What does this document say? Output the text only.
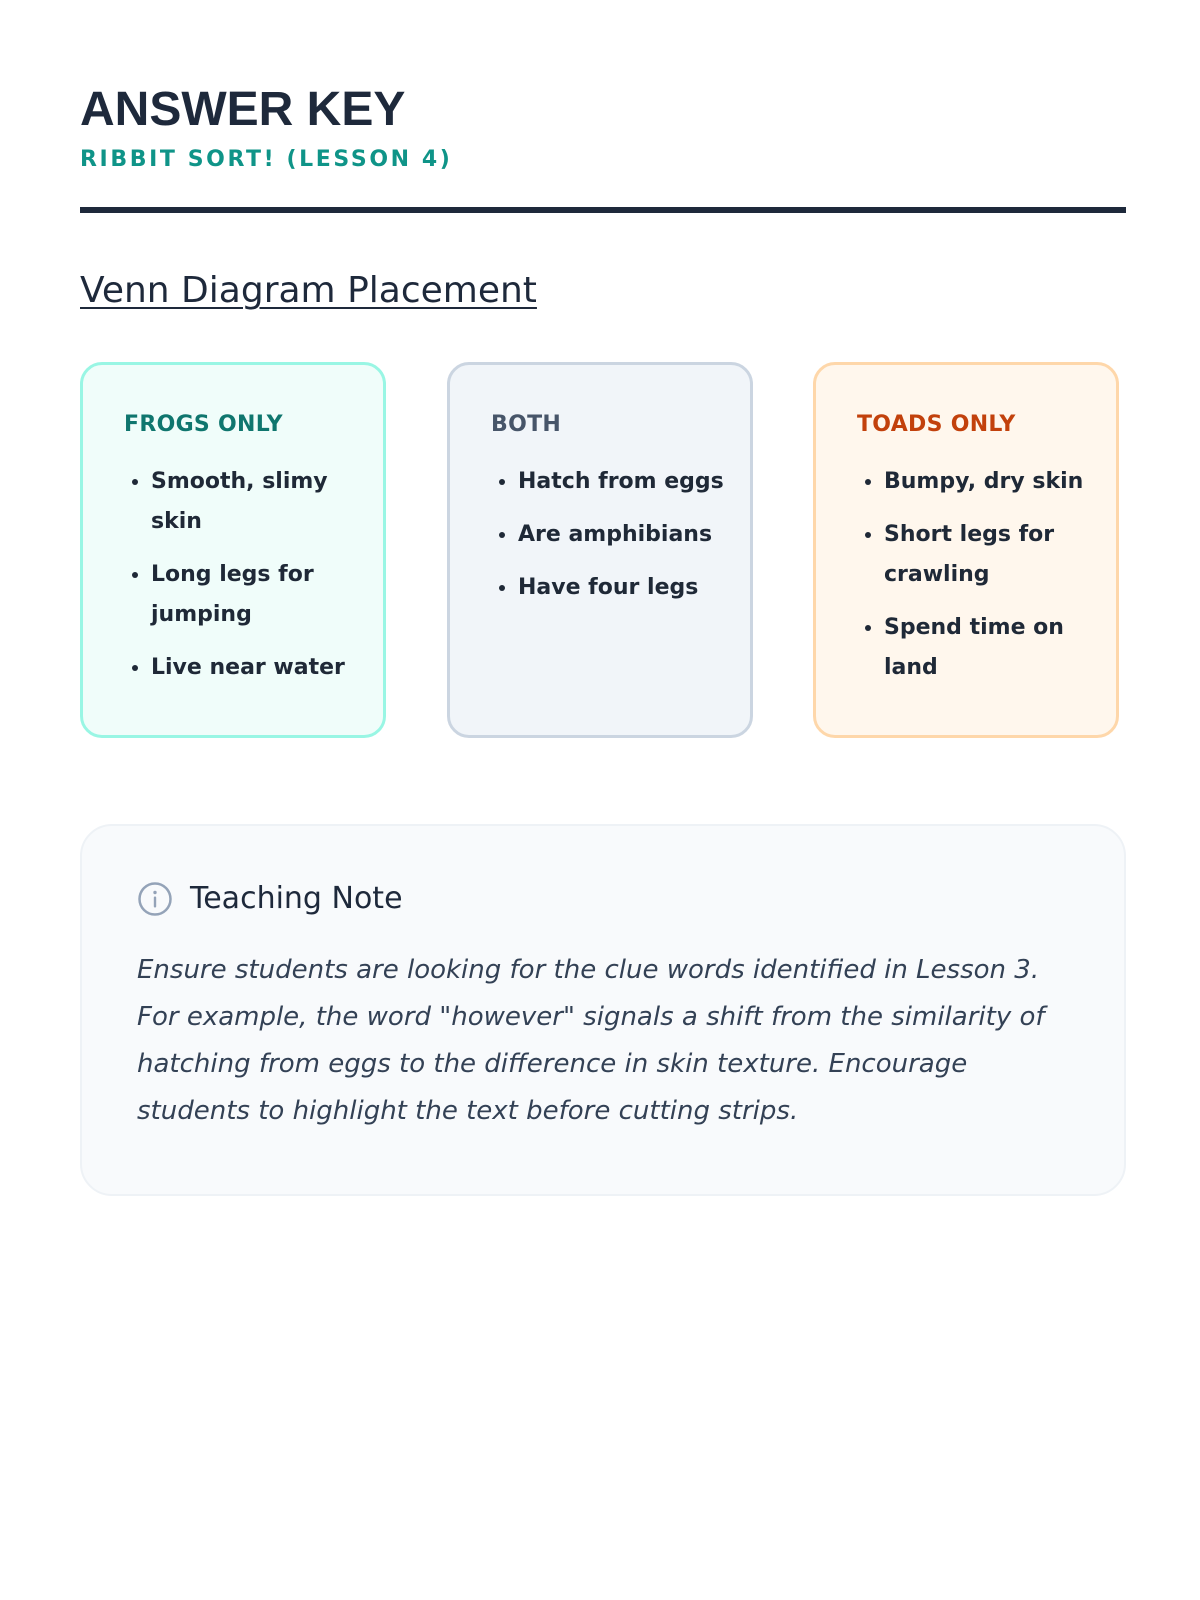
ANSWER KEY
RIBBIT SORT! (LESSON 4)
Venn Diagram Placement
FROGS ONLY
• Smooth, slimy skin
• Long legs for jumping
• Live near water
BOTH
• Hatch from eggs
• Are amphibians
• Have four legs
TOADS ONLY
• Bumpy, dry skin
• Short legs for crawling
• Spend time on land
Teaching Note

Ensure students are looking for the clue words identified in Lesson 3. For example, the word "however" signals a shift from the similarity of hatching from eggs to the difference in skin texture. Encourage students to highlight the text before cutting strips.
